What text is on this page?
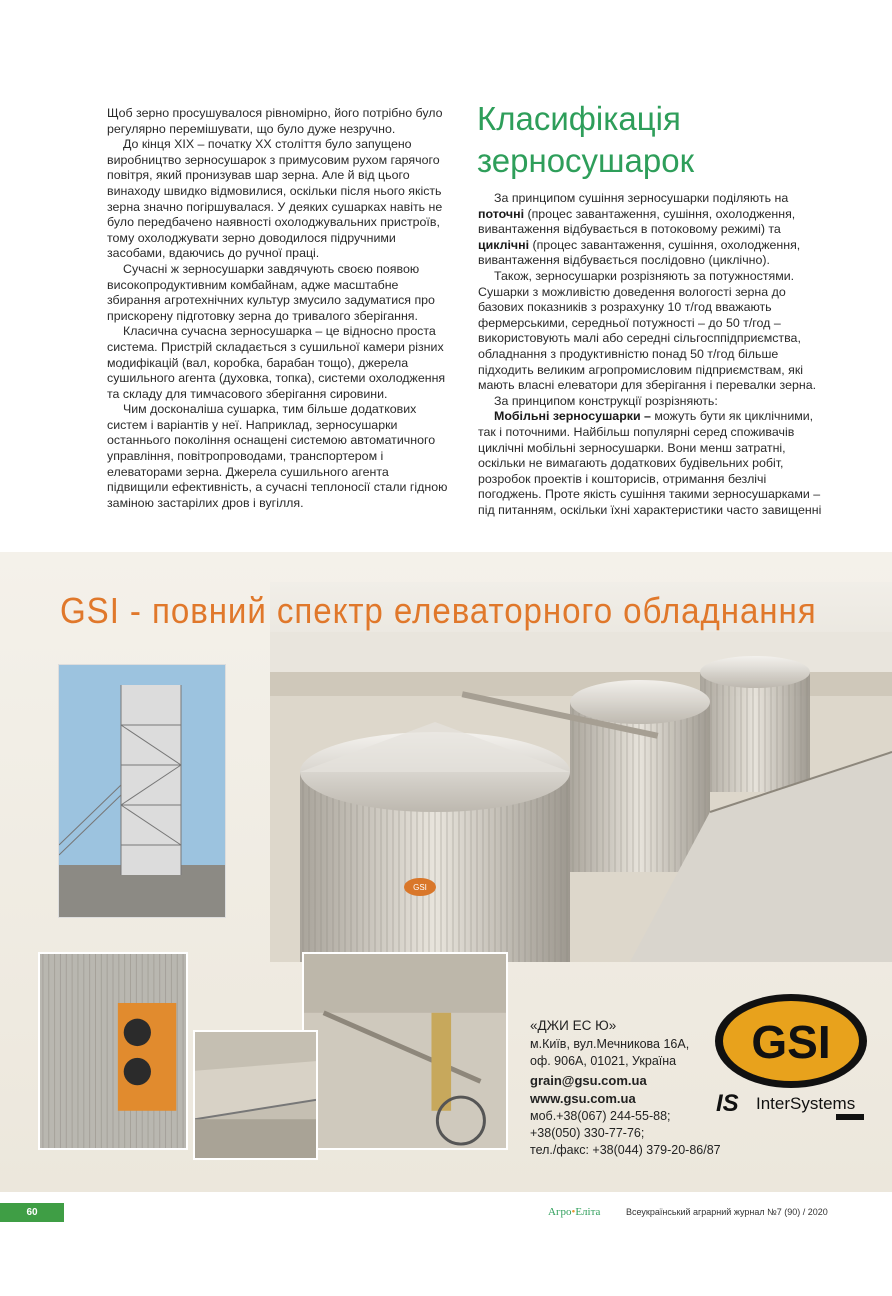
Щоб зерно просушувалося рівномірно, його потрібно було регулярно перемішувати, що було дуже незручно.

До кінця XIX – початку XX століття було запущено виробництво зерносушарок з примусовим рухом гарячого повітря, який пронизував шар зерна. Але й від цього винаходу швидко відмовилися, оскільки після нього якість зерна значно погіршувалася. У деяких сушарках навіть не було передбачено наявності охолоджувальних пристроїв, тому охолоджувати зерно доводилося підручними засобами, вдаючись до ручної праці.

Сучасні ж зерносушарки завдячують своєю появою високопродуктивним комбайнам, адже масштабне збирання агротехнічних культур змусило задуматися про прискорену підготовку зерна до тривалого зберігання.

Класична сучасна зерносушарка – це відносно проста система. Пристрій складається з сушильної камери різних модифікацій (вал, коробка, барабан тощо), джерела сушильного агента (духовка, топка), системи охолодження та складу для тимчасового зберігання сировини.

Чим досконаліша сушарка, тим більше додаткових систем і варіантів у неї. Наприклад, зерносушарки останнього покоління оснащені системою автоматичного управління, повітропроводами, транспортером і елеваторами зерна. Джерела сушильного агента підвищили ефективність, а сучасні теплоносії стали гідною заміною застарілих дров і вугілля.

Класифікація зерносушарок

За принципом сушіння зерносушарки поділяють на поточні (процес завантаження, сушіння, охолодження, вивантаження відбувається в потоковому режимі) та циклічні (процес завантаження, сушіння, охолодження, вивантаження відбувається послідовно (циклічно).

Також, зерносушарки розрізняють за потужностями. Сушарки з можливістю доведення вологості зерна до базових показників з розрахунку 10 т/год вважають фермерськими, середньої потужності – до 50 т/год – використовують малі або середні сільгосппідприємства, обладнання з продуктивністю понад 50 т/год більше підходить великим агропромисловим підприємствам, які мають власні елеватори для зберігання і перевалки зерна.

За принципом конструкції розрізняють:

Мобільні зерносушарки – можуть бути як циклічними, так і поточними. Найбільш популярні серед споживачів циклічні мобільні зерносушарки. Вони менш затратні, оскільки не вимагають додаткових будівельних робіт, розробок проектів і кошторисів, отримання безлічі погоджень. Проте якість сушіння такими зерносушарками – під питанням, оскільки їхні характеристики часто завищенні

GSI
GSI - повний спектр елеваторного обладнання
«ДЖИ ЕС Ю»
м.Київ, вул.Мечникова 16А,
оф. 906А, 01021, Україна
grain@gsu.com.ua
www.gsu.com.ua
моб.+38(067) 244-55-88;
+38(050) 330-77-76;
тел./факс: +38(044) 379-20-86/87
GSI
IS InterSystems
60	Агро•Еліта	Всеукраїнський аграрний журнал №7 (90) / 2020
